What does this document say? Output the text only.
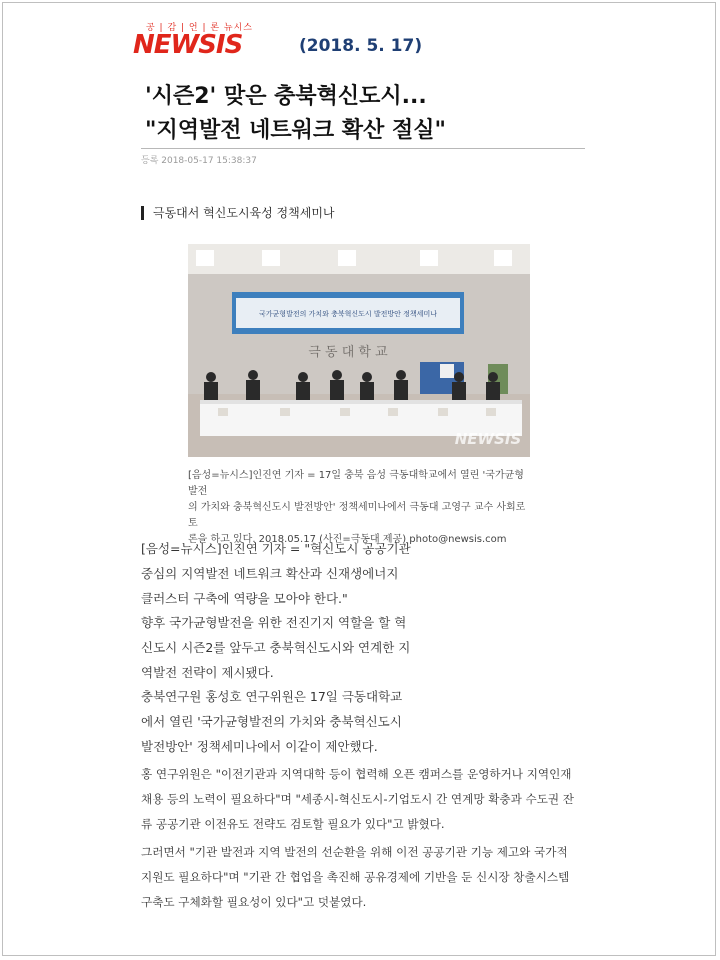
공 | 감 | 언 | 론 뉴시스
NEWSIS	(2018. 5. 17)
'시즌2' 맞은 충북혁신도시...
"지역발전 네트워크 확산 절실"
등록 2018-05-17 15:38:37
극동대서 혁신도시육성 정책세미나
국가균형발전의 가치와 충북혁신도시 발전방안 정책세미나
극 동 대 학 교
NEWSIS
[음성=뉴시스]인진연 기자 = 17일 충북 음성 극동대학교에서 열린 '국가균형발전
의 가치와 충북혁신도시 발전방안' 정책세미나에서 극동대 고영구 교수 사회로 토
론을 하고 있다. 2018.05.17 (사진=극동대 제공) photo@newsis.com

[음성=뉴시스]인진연 기자 = "혁신도시 공공기관

중심의 지역발전 네트워크 확산과 신재생에너지

클러스터 구축에 역량을 모아야 한다."

향후 국가균형발전을 위한 전진기지 역할을 할 혁

신도시 시즌2를 앞두고 충북혁신도시와 연계한 지

역발전 전략이 제시됐다.

충북연구원 홍성호 연구위원은 17일 극동대학교

에서 열린 '국가균형발전의 가치와 충북혁신도시

발전방안' 정책세미나에서 이같이 제안했다.

홍 연구위원은 "이전기관과 지역대학 등이 협력해 오픈 캠퍼스를 운영하거나 지역인재

채용 등의 노력이 필요하다"며 "세종시-혁신도시-기업도시 간 연계망 확충과 수도권 잔

류 공공기관 이전유도 전략도 검토할 필요가 있다"고 밝혔다.

그러면서 "기관 발전과 지역 발전의 선순환을 위해 이전 공공기관 기능 제고와 국가적

지원도 필요하다"며 "기관 간 협업을 촉진해 공유경제에 기반을 둔 신시장 창출시스템

구축도 구체화할 필요성이 있다"고 덧붙였다.
